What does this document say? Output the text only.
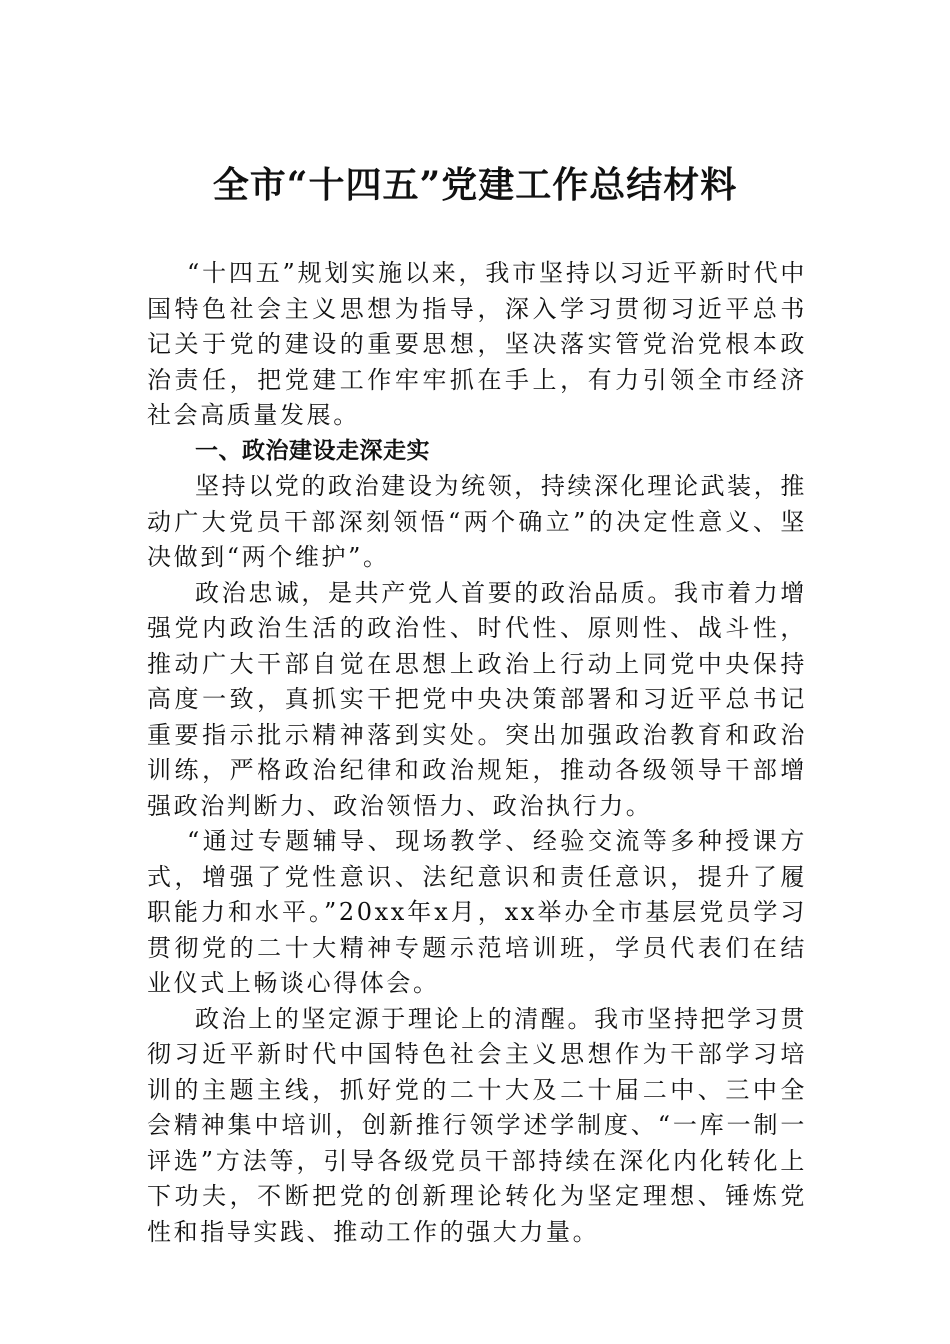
全市“十四五”党建工作总结材料

“十四五”规划实施以来，我市坚持以习近平新时代中国特色社会主义思想为指导，深入学习贯彻习近平总书记关于党的建设的重要思想，坚决落实管党治党根本政治责任，把党建工作牢牢抓在手上，有力引领全市经济社会高质量发展。

一、政治建设走深走实

坚持以党的政治建设为统领，持续深化理论武装，推动广大党员干部深刻领悟“两个确立”的决定性意义、坚决做到“两个维护”。

政治忠诚，是共产党人首要的政治品质。我市着力增强党内政治生活的政治性、时代性、原则性、战斗性，推动广大干部自觉在思想上政治上行动上同党中央保持高度一致，真抓实干把党中央决策部署和习近平总书记重要指示批示精神落到实处。突出加强政治教育和政治训练，严格政治纪律和政治规矩，推动各级领导干部增强政治判断力、政治领悟力、政治执行力。

“通过专题辅导、现场教学、经验交流等多种授课方式，增强了党性意识、法纪意识和责任意识，提升了履职能力和水平。”20xx年x月，xx举办全市基层党员学习贯彻党的二十大精神专题示范培训班，学员代表们在结业仪式上畅谈心得体会。

政治上的坚定源于理论上的清醒。我市坚持把学习贯彻习近平新时代中国特色社会主义思想作为干部学习培训的主题主线，抓好党的二十大及二十届二中、三中全会精神集中培训，创新推行领学述学制度、“一库一制一评选”方法等，引导各级党员干部持续在深化内化转化上下功夫，不断把党的创新理论转化为坚定理想、锤炼党性和指导实践、推动工作的强大力量。
